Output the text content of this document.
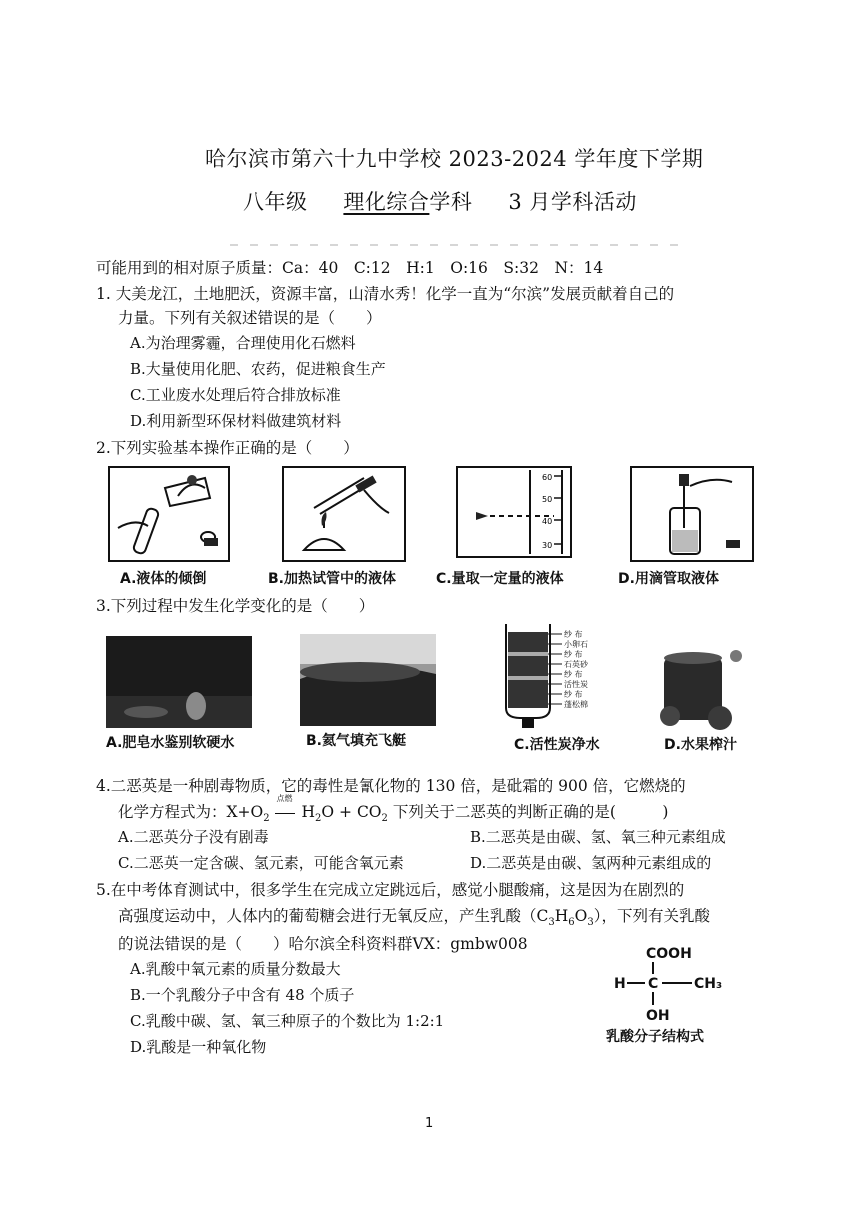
哈尔滨市第六十九中学校 2023-2024 学年度下学期
八年级 理化综合学科 3 月学科活动
可能用到的相对原子质量：Ca：40　C:12　H:1　O:16　S:32　N：14
1. 大美龙江，土地肥沃，资源丰富，山清水秀！化学一直为“尔滨”发展贡献着自己的
力量。下列有关叙述错误的是（　　）
A.为治理雾霾，合理使用化石燃料
B.大量使用化肥、农药，促进粮食生产
C.工业废水处理后符合排放标准
D.利用新型环保材料做建筑材料
2.下列实验基本操作正确的是（　　）
A.液体的倾倒	B.加热试管中的液体
60
50
40
30
C.量取一定量的液体	D.用滴管取液体
3.下列过程中发生化学变化的是（　　）
A.肥皂水鉴别软硬水	B.氦气填充飞艇
纱 布
小卵石
纱 布
石英砂
纱 布
活性炭
纱 布
蓬松棉
C.活性炭净水	D.水果榨汁
4.二恶英是一种剧毒物质，它的毒性是氰化物的 130 倍，是砒霜的 900 倍，它燃烧的
化学方程式为：$X+O_2$
点燃
$H_2O + CO_2$ 下列关于二恶英的判断正确的是(　　　)
A.二恶英分子没有剧毒	B.二恶英是由碳、氢、氧三种元素组成
C.二恶英一定含碳、氢元素，可能含氧元素	D.二恶英是由碳、氢两种元素组成的
5.在中考体育测试中，很多学生在完成立定跳远后，感觉小腿酸痛，这是因为在剧烈的
高强度运动中，人体内的葡萄糖会进行无氧反应，产生乳酸$(C_3H_6O_3)$，下列有关乳酸
的说法错误的是（　　）哈尔滨全科资料群VX：gmbw008
A.乳酸中氧元素的质量分数最大
B.一个乳酸分子中含有 48 个质子
C.乳酸中碳、氢、氧三种原子的个数比为 1:2:1
D.乳酸是一种氧化物
COOH
H C	CH₃
OH
乳酸分子结构式
1
